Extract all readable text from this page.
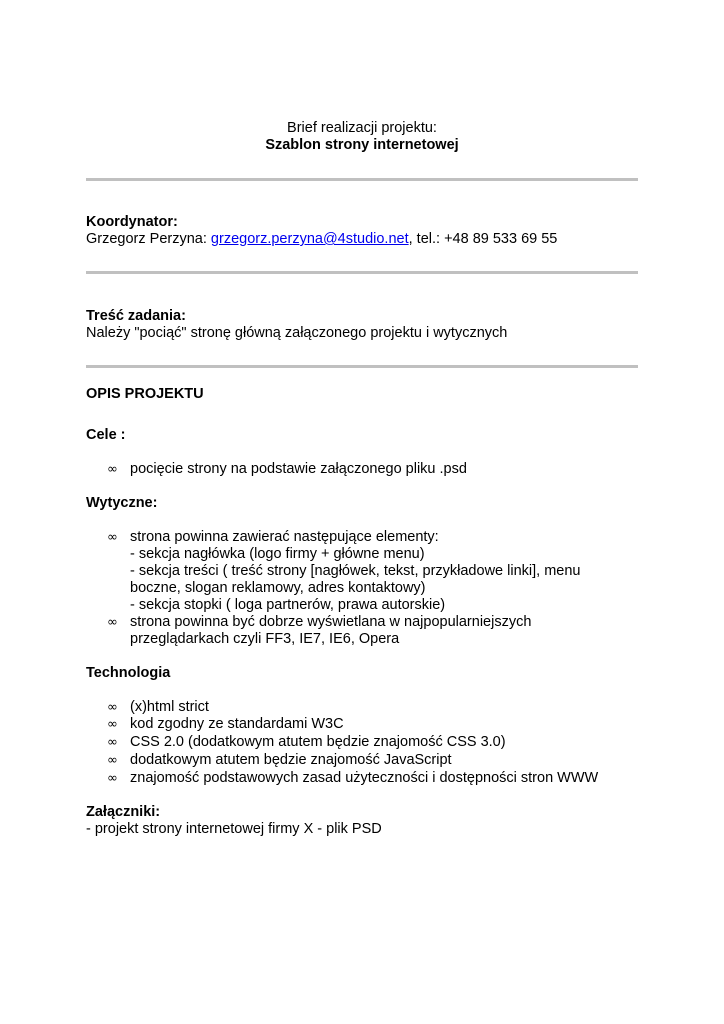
Brief realizacji projektu:

Szablon strony internetowej

Koordynator:

Grzegorz Perzyna: grzegorz.perzyna@4studio.net, tel.: +48 89 533 69 55

Treść zadania:

Należy "pociąć" stronę główną załączonego projektu i wytycznych

OPIS PROJEKTU

Cele :

∞ pocięcie strony na podstawie załączonego pliku .psd

Wytyczne:

∞ strona powinna zawierać następujące elementy:

- sekcja nagłówka (logo firmy + główne menu)

- sekcja treści ( treść strony [nagłówek, tekst, przykładowe linki], menu

boczne, slogan reklamowy, adres kontaktowy)

- sekcja stopki ( loga partnerów, prawa autorskie)

∞ strona powinna być dobrze wyświetlana w najpopularniejszych

przeglądarkach czyli FF3, IE7, IE6, Opera

Technologia

∞ (x)html strict

∞ kod zgodny ze standardami W3C

∞ CSS 2.0 (dodatkowym atutem będzie znajomość CSS 3.0)

∞ dodatkowym atutem będzie znajomość JavaScript

∞ znajomość podstawowych zasad użyteczności i dostępności stron WWW

Załączniki:

- projekt strony internetowej firmy X - plik PSD
